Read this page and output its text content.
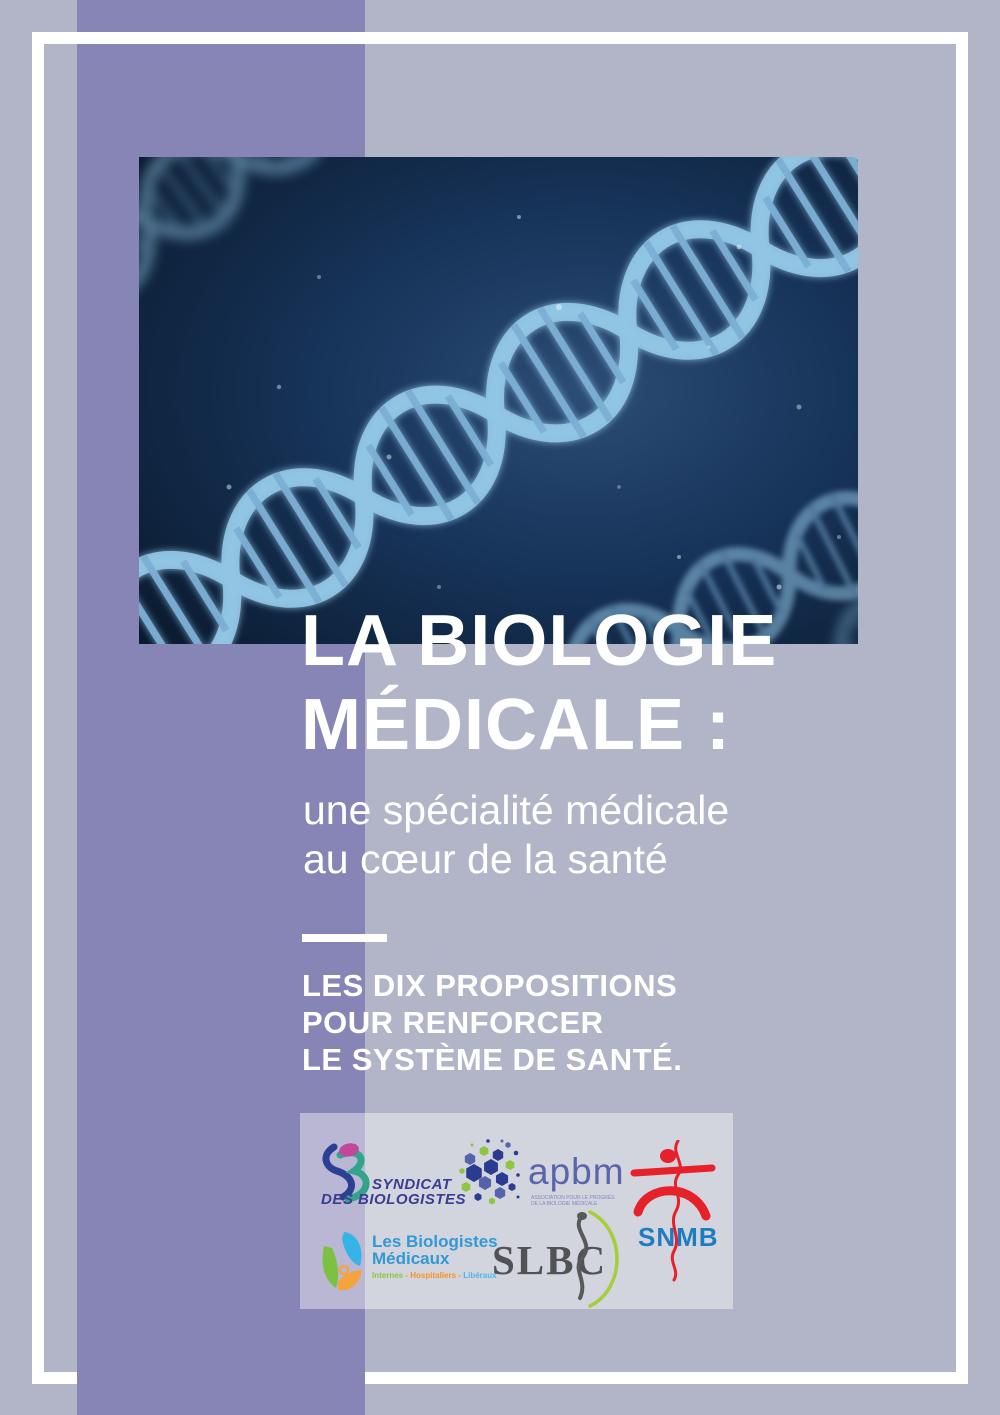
LA BIOLOGIE
MÉDICALE :
une spécialité médicale
au cœur de la santé
LES DIX PROPOSITIONS
POUR RENFORCER
LE SYSTÈME DE SANTÉ.
SYNDICAT
DES BIOLOGISTES
apbm
ASSOCIATION POUR LE PROGRÈS
DE LA BIOLOGIE MÉDICALE
SNMB
Les Biologistes
Médicaux
Internes - Hospitaliers - Libéraux
SLBC
